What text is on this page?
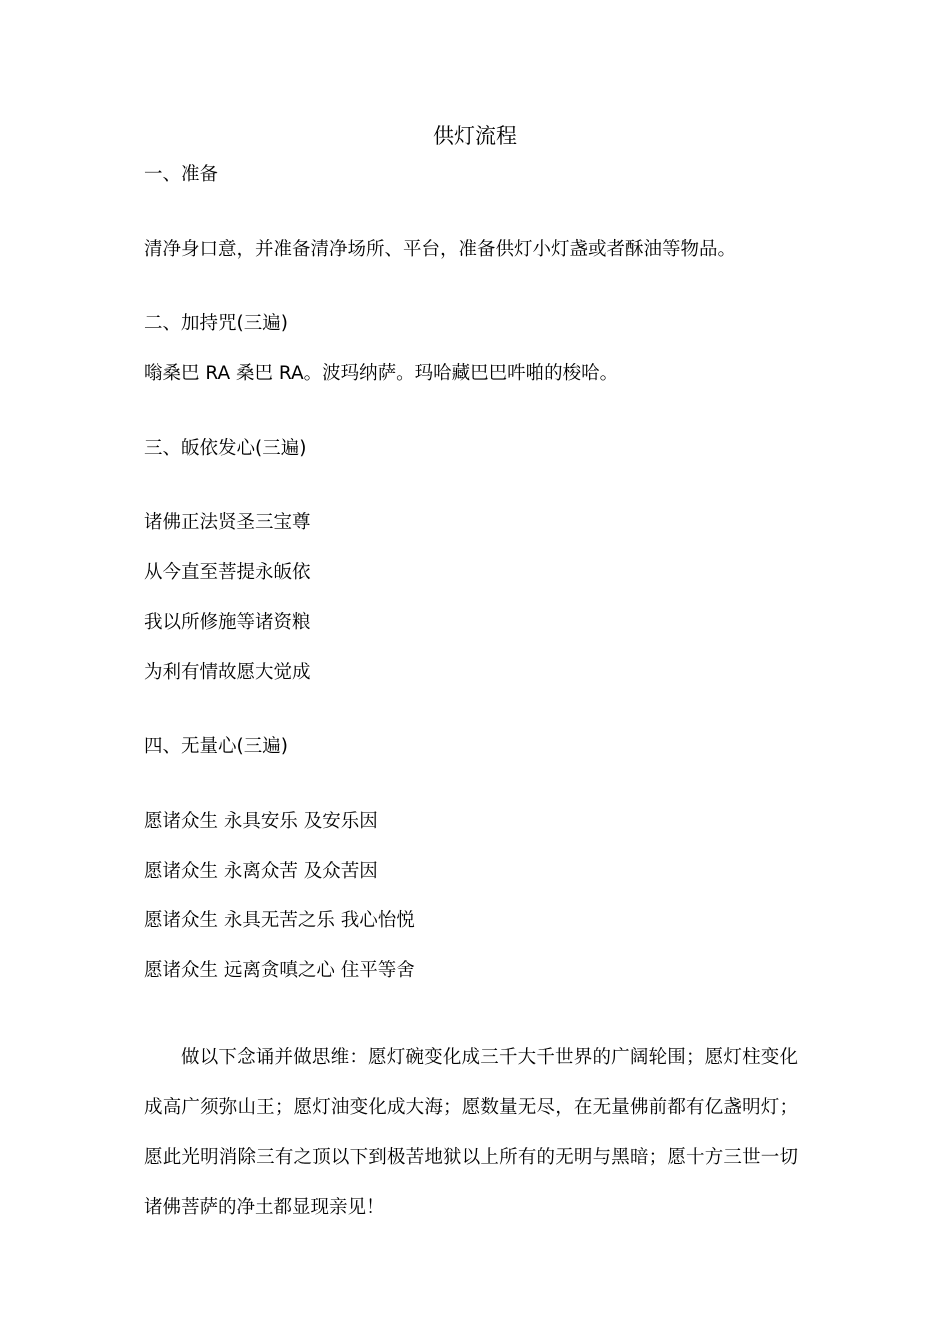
供灯流程
一、准备
清净身口意，并准备清净场所、平台，准备供灯小灯盏或者酥油等物品。
二、加持咒(三遍)
嗡桑巴 RA 桑巴 RA。波玛纳萨。玛哈藏巴巴吽啪的梭哈。
三、皈依发心(三遍)
诸佛正法贤圣三宝尊
从今直至菩提永皈依
我以所修施等诸资粮
为利有情故愿大觉成
四、无量心(三遍)
愿诸众生 永具安乐 及安乐因
愿诸众生 永离众苦 及众苦因
愿诸众生 永具无苦之乐 我心怡悦
愿诸众生 远离贪嗔之心 住平等舍
做以下念诵并做思维：愿灯碗变化成三千大千世界的广阔轮围；愿灯柱变化成高广须弥山王；愿灯油变化成大海；愿数量无尽，在无量佛前都有亿盏明灯；愿此光明消除三有之顶以下到极苦地狱以上所有的无明与黑暗；愿十方三世一切诸佛菩萨的净土都显现亲见！
